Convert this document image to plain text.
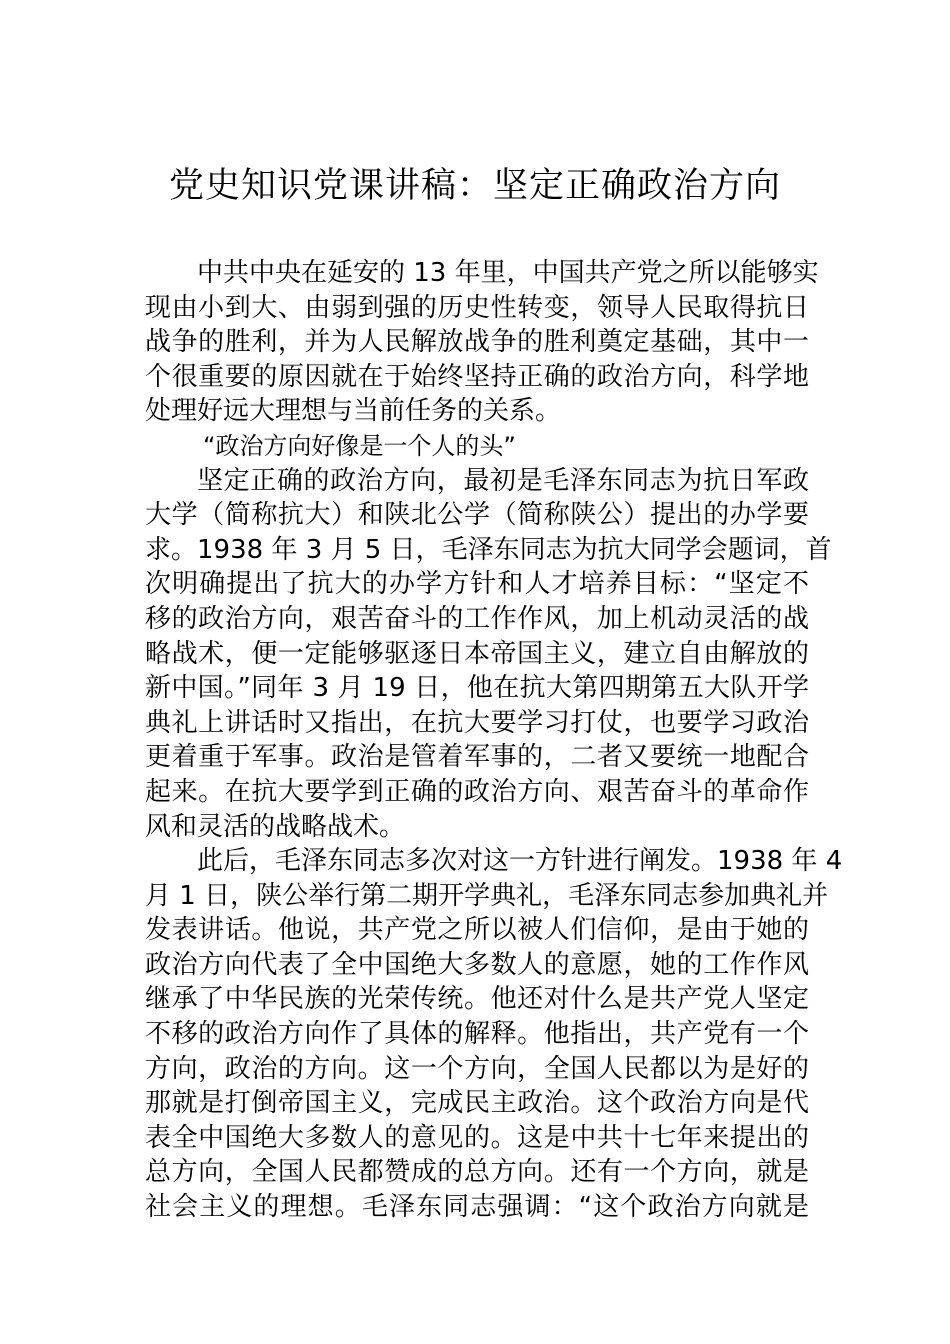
党史知识党课讲稿：坚定正确政治方向
中共中央在延安的 13 年里，中国共产党之所以能够实
现由小到大、由弱到强的历史性转变，领导人民取得抗日
战争的胜利，并为人民解放战争的胜利奠定基础，其中一
个很重要的原因就在于始终坚持正确的政治方向，科学地
处理好远大理想与当前任务的关系。
“政治方向好像是一个人的头”
坚定正确的政治方向，最初是毛泽东同志为抗日军政
大学（简称抗大）和陕北公学（简称陕公）提出的办学要
求。1938 年 3 月 5 日，毛泽东同志为抗大同学会题词，首
次明确提出了抗大的办学方针和人才培养目标：“坚定不
移的政治方向，艰苦奋斗的工作作风，加上机动灵活的战
略战术，便一定能够驱逐日本帝国主义，建立自由解放的
新中国。”同年 3 月 19 日，他在抗大第四期第五大队开学
典礼上讲话时又指出，在抗大要学习打仗，也要学习政治
更着重于军事。政治是管着军事的，二者又要统一地配合
起来。在抗大要学到正确的政治方向、艰苦奋斗的革命作
风和灵活的战略战术。
此后，毛泽东同志多次对这一方针进行阐发。1938 年 4
月 1 日，陕公举行第二期开学典礼，毛泽东同志参加典礼并
发表讲话。他说，共产党之所以被人们信仰，是由于她的
政治方向代表了全中国绝大多数人的意愿，她的工作作风
继承了中华民族的光荣传统。他还对什么是共产党人坚定
不移的政治方向作了具体的解释。他指出，共产党有一个
方向，政治的方向。这一个方向，全国人民都以为是好的
那就是打倒帝国主义，完成民主政治。这个政治方向是代
表全中国绝大多数人的意见的。这是中共十七年来提出的
总方向，全国人民都赞成的总方向。还有一个方向，就是
社会主义的理想。毛泽东同志强调：“这个政治方向就是
